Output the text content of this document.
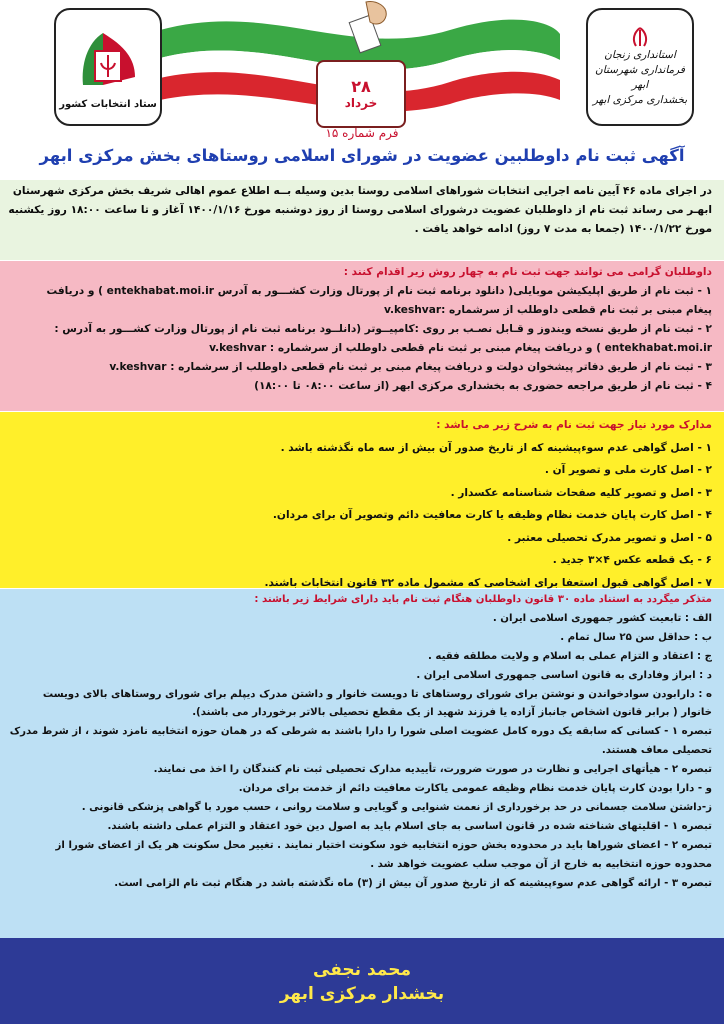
ستاد انتخابات کشور
۲۸
خرداد
استانداری زنجان
فرمانداری شهرستان ابهر
بخشداری مرکزی ابهر
فرم شماره ۱۵
آگهی ثبت نام داوطلبین عضویت در شورای اسلامی روستاهای بخش مرکزی ابهر

در اجرای ماده ۴۶ آیین نامه اجرایی انتخابات شوراهای اسلامی روستا بدین وسیله بــه اطلاع عموم اهالی شریف بخش مرکزی شهرستان

ابهـر می رساند ثبت نام از داوطلبان عضویت درشورای اسلامی روستا از روز دوشنبه مورخ ۱۴۰۰/۱/۱۶ آغاز و تا ساعت ۱۸:۰۰ روز یکشنبه

مورخ ۱۴۰۰/۱/۲۲ (جمعا به مدت ۷ روز) ادامه خواهد یافت .

داوطلبان گرامی می توانند جهت ثبت نام به چهار روش زیر اقدام کنند :

۱ - ثبت نام از طریق اپلیکیشن موبایلی( دانلود برنامه ثبت نام از پورتال وزارت کشـــور به آدرس entekhabat.moi.ir ) و دریافت

پیغام مبنی بر ثبت نام قطعی داوطلب از سرشماره :v.keshvar

۲ - ثبت نام از طریق نسخه ویندوز و قـابل نصـب بر روی :کامپیــوتر (دانلــود برنامه ثبت نام از پورتال وزارت کشـــور به آدرس :

entekhabat.moi.ir ) و دریافت پیغام مبنی بر ثبت نام قطعی داوطلب از سرشماره : v.keshvar

۳ - ثبت نام از طریق دفاتر پیشخوان دولت و دریافت پیغام مبنی بر ثبت نام قطعی داوطلب از سرشماره : v.keshvar

۴ - ثبت نام از طریق مراجعه حضوری به بخشداری مرکزی ابهر (از ساعت ۰۸:۰۰ تا ۱۸:۰۰)

مدارک مورد نیاز جهت ثبت نام به شرح زیر می باشد :

۱ - اصل گواهی عدم سوء‌پیشینه که از تاریخ صدور آن بیش از سه ماه نگذشته باشد .

۲ - اصل کارت ملی و تصویر آن .

۳ - اصل و تصویر کلیه صفحات شناسنامه عکسدار .

۴ - اصل کارت پایان خدمت نظام وظیفه یا کارت معافیت دائم وتصویر آن برای مردان.

۵ - اصل و تصویر مدرک تحصیلی معتبر .

۶ - یک قطعه عکس ۴×۳ جدید .

۷ - اصل گواهی قبول استعفا برای اشخاصی که مشمول ماده ۳۲ قانون انتخابات باشند.

متذکر میگردد به استناد ماده ۳۰ قانون داوطلبان هنگام ثبت نام باید دارای شرایط زیر باشند :

الف : تابعیت کشور جمهوری اسلامی ایران .

ب : حداقل سن ۲۵ سال تمام .

ج : اعتقاد و التزام عملی به اسلام و ولایت مطلقه فقیه .

د : ابراز وفاداری به قانون اساسی جمهوری اسلامی ایران .

ه : دارابودن سوادخواندن و نوشتن برای شورای روستاهای تا دویست خانوار و داشتن مدرک دیپلم برای شورای روستاهای بالای دویست

خانوار ( برابر قانون اشخاص جانباز آزاده یا فرزند شهید از یک مقطع تحصیلی بالاتر برخوردار می باشند).

تبصره ۱ - کسانی که سابقه یک دوره کامل عضویت اصلی شورا را دارا باشند به شرطی که در همان حوزه انتخابیه نامزد شوند ، از شرط مدرک

تحصیلی معاف هستند.

تبصره ۲ - هیأتهای اجرایی و نظارت در صورت ضرورت، تأییدیه مدارک تحصیلی ثبت نام کنندگان را اخذ می نمایند.

و - دارا بودن کارت پایان خدمت نظام وظیفه عمومی یاکارت معافیت دائم از خدمت برای مردان.

ز-داشتن سلامت جسمانی در حد برخورداری از نعمت شنوایی و گویایی و سلامت روانی ، حسب مورد با گواهی پزشکی قانونی .

تبصره ۱ - اقلیتهای شناخته شده در قانون اساسی به جای اسلام باید به اصول دین خود اعتقاد و التزام عملی داشته باشند.

تبصره ۲ - اعضای شوراها باید در محدوده بخش حوزه انتخابیه خود سکونت اختیار نمایند . تغییر محل سکونت هر یک از اعضای شورا از

محدوده حوزه انتخابیه به خارج از آن موجب سلب عضویت خواهد شد .

تبصره ۳ - ارائه گواهی عدم سوء‌پیشینه که از تاریخ صدور آن بیش از (۳) ماه نگذشته باشد در هنگام ثبت نام الزامی است.

محمد نجفی
بخشدار مرکزی ابهر
